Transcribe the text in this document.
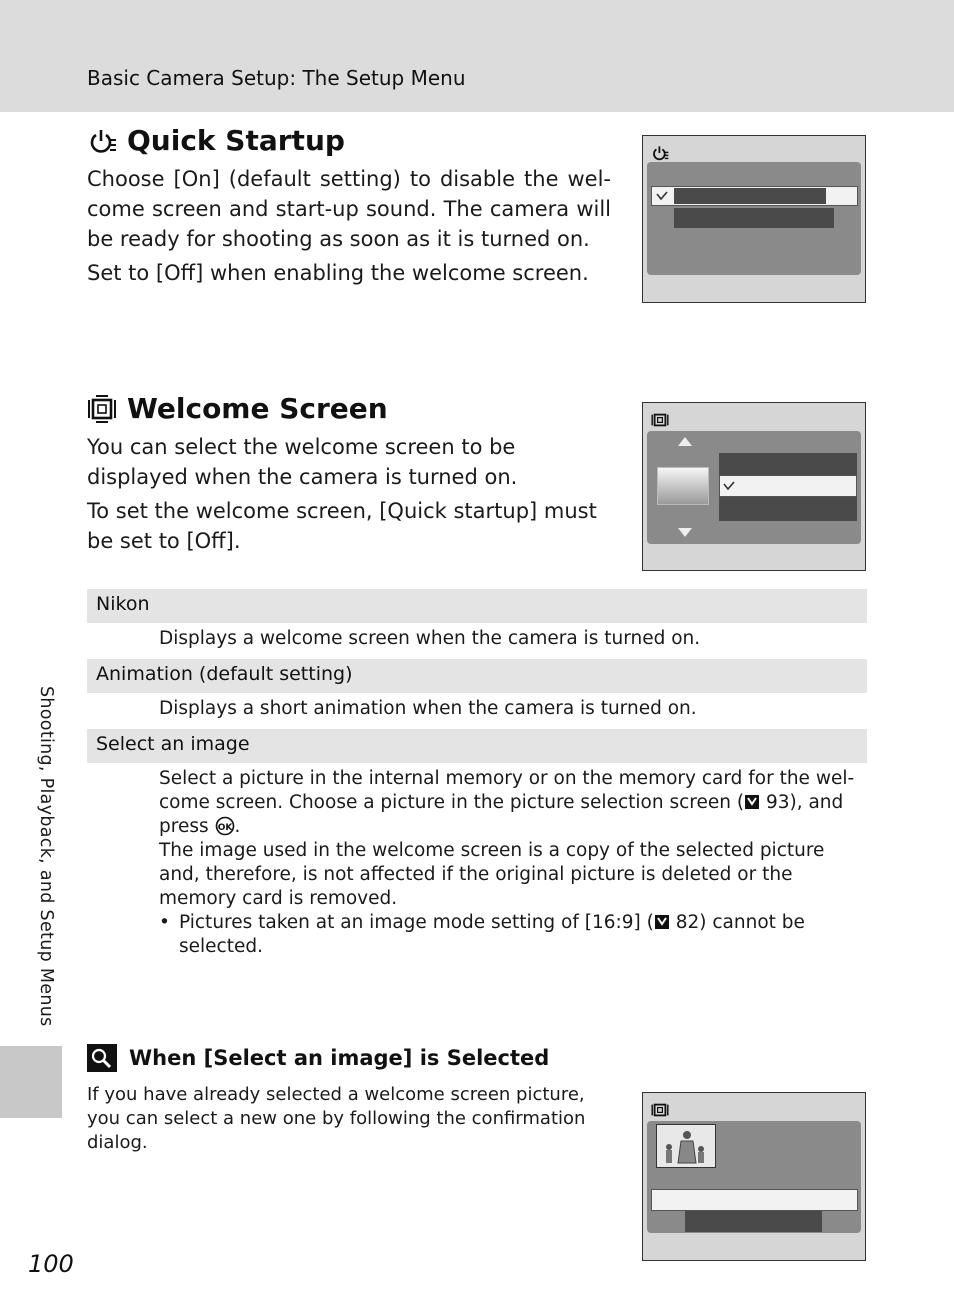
Basic Camera Setup: The Setup Menu
Quick Startup

Choose [On] (default setting) to disable the wel-come screen and start-up sound. The camera will be ready for shooting as soon as it is turned on.

Set to [Off] when enabling the welcome screen.

Welcome Screen

You can select the welcome screen to be displayed when the camera is turned on.

To set the welcome screen, [Quick startup] must be set to [Off].

Nikon
Displays a welcome screen when the camera is turned on.
Animation (default setting)
Displays a short animation when the camera is turned on.
Select an image

Select a picture in the internal memory or on the memory card for the wel-come screen. Choose a picture in the picture selection screen ( 93), and press OK .

The image used in the welcome screen is a copy of the selected picture and, therefore, is not affected if the original picture is deleted or the memory card is removed.

• Pictures taken at an image mode setting of [16:9] ( 82) cannot be selected.
Shooting, Playback, and Setup Menus
When [Select an image] is Selected
If you have already selected a welcome screen picture, you can select a new one by following the confirmation dialog.
100
